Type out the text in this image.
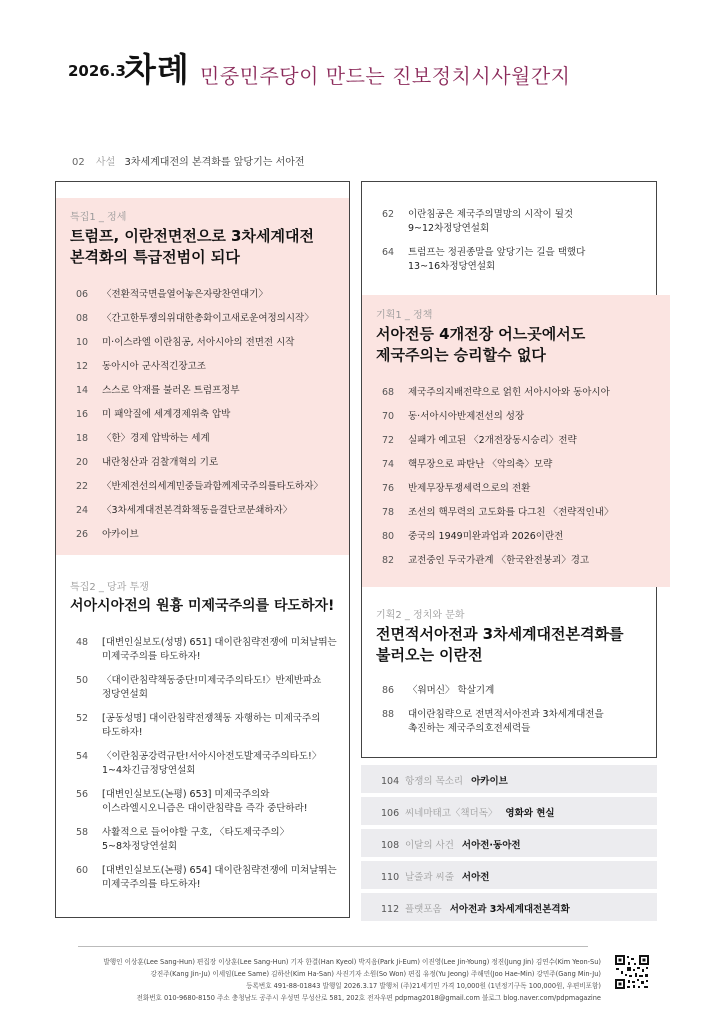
2026.3
차례 민중민주당이 만드는 진보정치시사월간지
02 사설 3차세계대전의 본격화를 앞당기는 서아전
특집1 _ 정세
트럼프, 이란전면전으로 3차세계대전
본격화의 특급전범이 되다
06 〈전환적국면을열어놓은자랑찬연대기〉
08 〈간고한투쟁의위대한총화이고새로운여정의시작〉
10 미·이스라엘 이란침공, 서아시아의 전면전 시작
12 동아시아 군사적긴장고조
14 스스로 악재를 불러온 트럼프정부
16 미 패악질에 세계경제위축 압박
18 〈한〉경제 압박하는 세계
20 내란청산과 검찰개혁의 기로
22 〈반제전선의세계민중들과함께제국주의를타도하자〉
24 〈3차세계대전본격화책동을결단코분쇄하자〉
26 아카이브
특집2 _ 당과 투쟁
서아시아전의 원흉 미제국주의를 타도하자!
48 [대변인실보도(성명) 651] 대이란침략전쟁에 미쳐날뛰는
미제국주의를 타도하자!
50 〈대이란침략책동중단!미제국주의타도!〉반제반파쇼
정당연설회
52 [공동성명] 대이란침략전쟁책동 자행하는 미제국주의
타도하자!
54 〈이란침공강력규탄!서아시아전도발제국주의타도!〉
1~4차긴급정당연설회
56 [대변인실보도(논평) 653] 미제국주의와
이스라엘시오니즘은 대이란침략을 즉각 중단하라!
58 사활적으로 들어야할 구호, 〈타도제국주의〉
5~8차정당연설회
60 [대변인실보도(논평) 654] 대이란침략전쟁에 미쳐날뛰는
미제국주의를 타도하자!
62 이란침공은 제국주의멸망의 시작이 될것
9~12차정당연설회
64 트럼프는 정권종말을 앞당기는 길을 택했다
13~16차정당연설회
기획1 _ 정책
서아전등 4개전장 어느곳에서도
제국주의는 승리할수 없다
68 제국주의지배전략으로 얽힌 서아시아와 동아시아
70 동·서아시아반제전선의 성장
72 실패가 예고된 〈2개전장동시승리〉전략
74 핵무장으로 파탄난 〈악의축〉모략
76 반제무장투쟁세력으로의 전환
78 조선의 핵무력의 고도화를 다그친 〈전략적인내〉
80 중국의 1949미완과업과 2026이란전
82 교전중인 두국가관계 〈한국완전붕괴〉경고
기획2 _ 정치와 문화
전면적서아전과 3차세계대전본격화를
불러오는 이란전
86 〈워머신〉 학살기계
88 대이란침략으로 전면적서아전과 3차세계대전을
촉진하는 제국주의호전세력들
104 항쟁의 목소리 아카이브
106 씨네마태고〈책더독〉 영화와 현실
108 이달의 사건 서아전·동아전
110 날줄과 씨줄 서아전
112 플랫포옴 서아전과 3차세계대전본격화
발행인 이상훈(Lee Sang-Hun) 편집장 이상훈(Lee Sang-Hun) 기자 한결(Han Kyeol) 박지음(Park Ji-Eum) 이진영(Lee Jin-Young) 정진(Jung Jin) 김연수(Kim Yeon-Su)
강진주(Kang Jin-Ju) 이세임(Lee Same) 김하산(Kim Ha-San) 사진기자 소원(So Won) 편집 유정(Yu Jeong) 주해민(Joo Hae-Min) 강민주(Gang Min-Ju)
등록번호 491-88-01843 발행일 2026.3.17 발행처 (주)21세기민 가격 10,000원 (1년정기구독 100,000원, 우편비포함)
전화번호 010-9680-8150 주소 충청남도 공주시 우성면 무성산로 581, 202호 전자우편 pdpmag2018@gmail.com 블로그 blog.naver.com/pdpmagazine
